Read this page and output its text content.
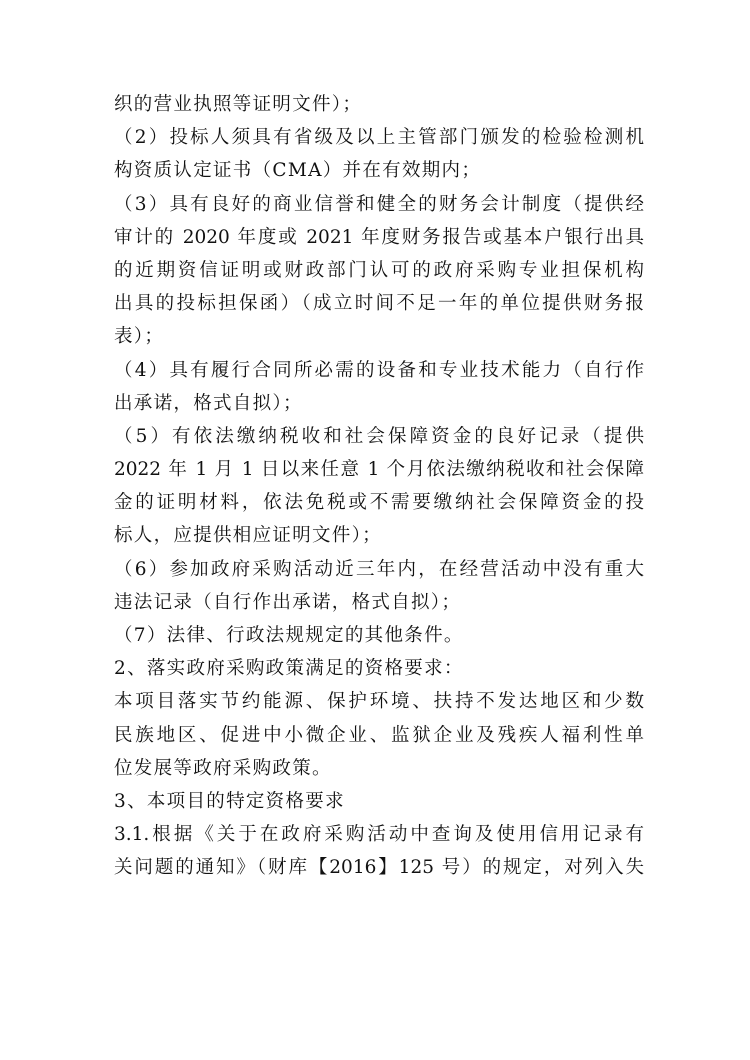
织的营业执照等证明文件）；
（2）投标人须具有省级及以上主管部门颁发的检验检测机
构资质认定证书（CMA）并在有效期内；
（3）具有良好的商业信誉和健全的财务会计制度（提供经
审计的 2020 年度或 2021 年度财务报告或基本户银行出具
的近期资信证明或财政部门认可的政府采购专业担保机构
出具的投标担保函）（成立时间不足一年的单位提供财务报
表）；
（4）具有履行合同所必需的设备和专业技术能力（自行作
出承诺，格式自拟）；
（5）有依法缴纳税收和社会保障资金的良好记录（提供
2022 年 1 月 1 日以来任意 1 个月依法缴纳税收和社会保障
金的证明材料，依法免税或不需要缴纳社会保障资金的投
标人，应提供相应证明文件）；
（6）参加政府采购活动近三年内，在经营活动中没有重大
违法记录（自行作出承诺，格式自拟）；
（7）法律、行政法规规定的其他条件。
2、落实政府采购政策满足的资格要求：
本项目落实节约能源、保护环境、扶持不发达地区和少数
民族地区、促进中小微企业、监狱企业及残疾人福利性单
位发展等政府采购政策。
3、本项目的特定资格要求
3.1.根据《关于在政府采购活动中查询及使用信用记录有
关问题的通知》（财库【2016】125 号）的规定，对列入失
